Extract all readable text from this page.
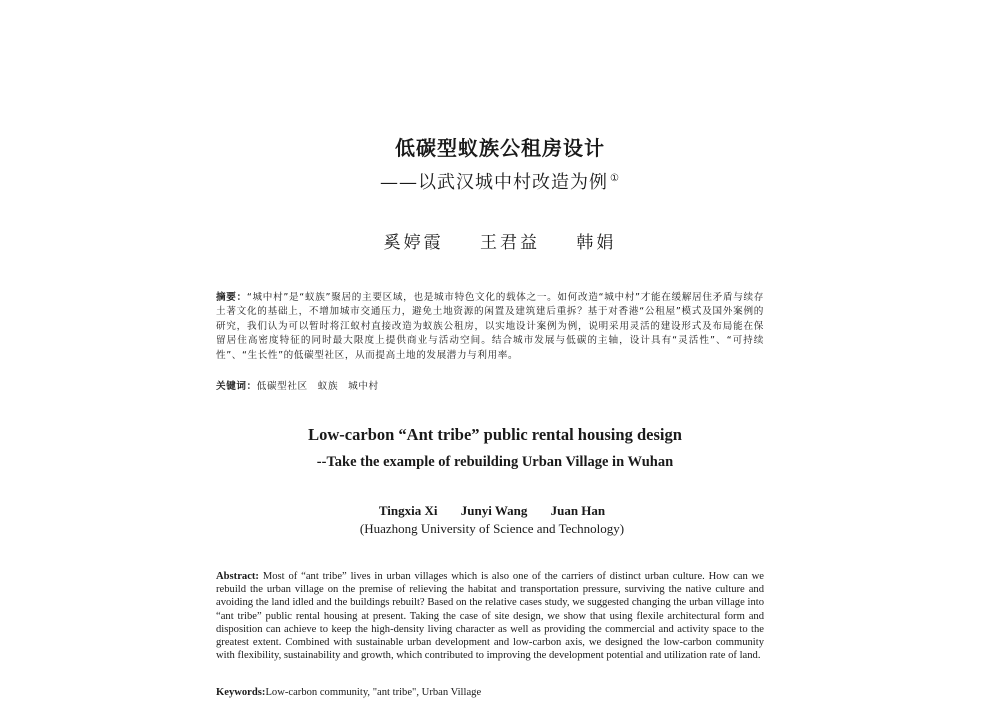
低碳型蚁族公租房设计
——以武汉城中村改造为例 ①
奚婷霞 王君益 韩娟
摘要：“城中村”是“蚁族”聚居的主要区域，也是城市特色文化的载体之一。如何改造“城中村”才能在缓解居住矛盾与续存土著文化的基础上，不增加城市交通压力，避免土地资源的闲置及建筑建后重拆？基于对香港“公租屋”模式及国外案例的研究，我们认为可以暂时将江蚁村直接改造为蚁族公租房，以实地设计案例为例，说明采用灵活的建设形式及布局能在保留居住高密度特征的同时最大限度上提供商业与活动空间。结合城市发展与低碳的主轴，设计具有“灵活性”、“可持续性”、“生长性”的低碳型社区，从而提高土地的发展潜力与利用率。
关键词：低碳型社区 蚁族 城中村
Low-carbon “Ant tribe” public rental housing design
--Take the example of rebuilding Urban Village in Wuhan
Tingxia Xi Junyi Wang Juan Han
(Huazhong University of Science and Technology)
Abstract: Most of “ant tribe” lives in urban villages which is also one of the carriers of distinct urban culture. How can we rebuild the urban village on the premise of relieving the habitat and transportation pressure, surviving the native culture and avoiding the land idled and the buildings rebuilt? Based on the relative cases study, we suggested changing the urban village into “ant tribe” public rental housing at present. Taking the case of site design, we show that using flexile architectural form and disposition can achieve to keep the high-density living character as well as providing the commercial and activity space to the greatest extent. Combined with sustainable urban development and low-carbon axis, we designed the low-carbon community with flexibility, sustainability and growth, which contributed to improving the development potential and utilization rate of land.
Keywords:Low-carbon community, "ant tribe", Urban Village
